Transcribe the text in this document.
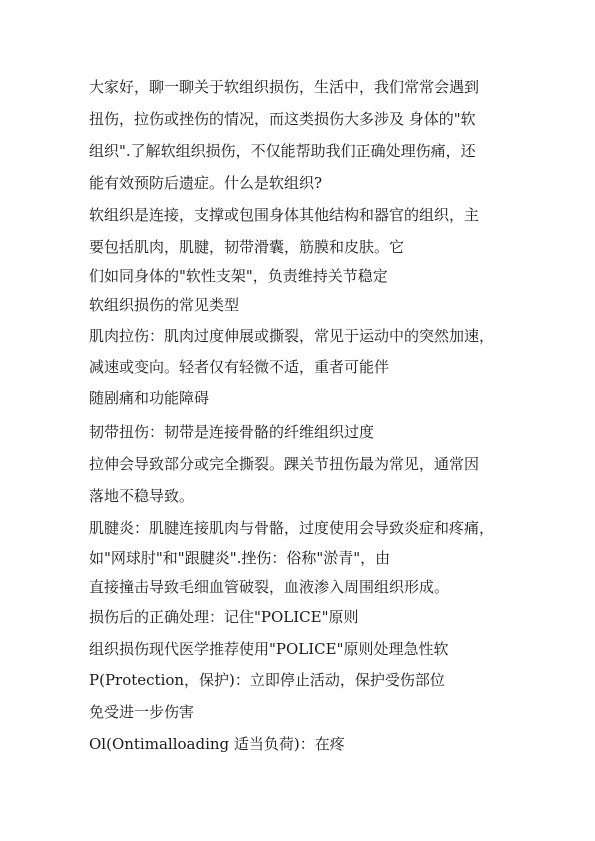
大家好，聊一聊关于软组织损伤，生活中，我们常常会遇到

扭伤，拉伤或挫伤的情况，而这类损伤大多涉及 身体的"软

组织".了解软组织损伤，不仅能帮助我们正确处理伤痛，还

能有效预防后遗症。什么是软组织?

软组织是连接，支撑或包围身体其他结构和器官的组织，主

要包括肌肉，肌腱，韧带滑囊，筋膜和皮肤。它

们如同身体的"软性支架"，负责维持关节稳定

软组织损伤的常见类型

肌肉拉伤：肌肉过度伸展或撕裂，常见于运动中的突然加速，

减速或变向。轻者仅有轻微不适，重者可能伴

随剧痛和功能障碍

韧带扭伤：韧带是连接骨骼的纤维组织过度

拉伸会导致部分或完全撕裂。踝关节扭伤最为常见，通常因

落地不稳导致。

肌腱炎：肌腱连接肌肉与骨骼，过度使用会导致炎症和疼痛，

如"网球肘"和"跟腱炎".挫伤：俗称"淤青"，由

直接撞击导致毛细血管破裂，血液渗入周围组织形成。

损伤后的正确处理：记住"POLICE"原则

组织损伤现代医学推荐使用"POLICE"原则处理急性软

P(Protection，保护)：立即停止活动，保护受伤部位

免受进一步伤害

Ol(Ontimalloading 适当负荷)：在疼
